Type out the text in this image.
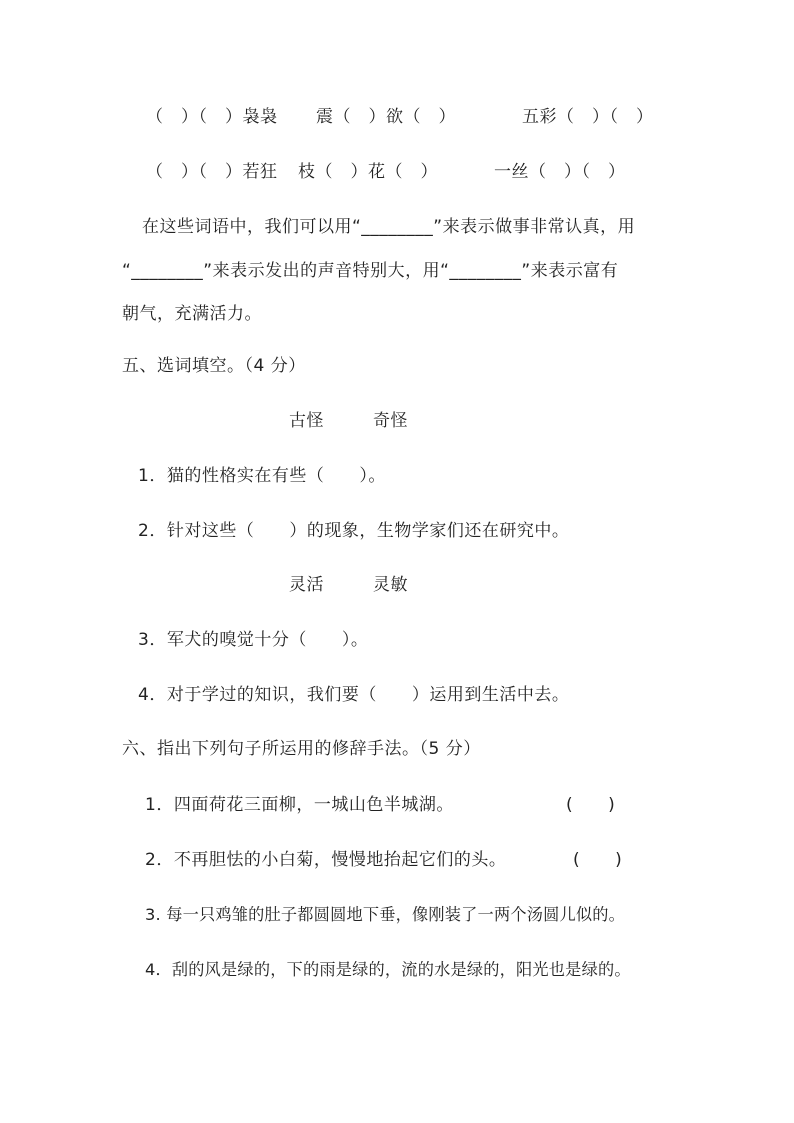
（　）（　）袅袅 震（　）欲（　）	五彩（　）（　）
（　）（　）若狂 枝（　）花（　）	一丝（　）（　）
在这些词语中，我们可以用“________”来表示做事非常认真，用
“________”来表示发出的声音特别大，用“________”来表示富有
朝气，充满活力。
五、选词填空。（4 分）
古怪	奇怪
1．猫的性格实在有些（　　）。
2．针对这些（　　）的现象，生物学家们还在研究中。
灵活	灵敏
3．军犬的嗅觉十分（　　）。
4．对于学过的知识，我们要（　　）运用到生活中去。
六、指出下列句子所运用的修辞手法。（5 分）
1．四面荷花三面柳，一城山色半城湖。	(　　)
2．不再胆怯的小白菊，慢慢地抬起它们的头。	(　　)
3. 每一只鸡雏的肚子都圆圆地下垂，像刚装了一两个汤圆儿似的。
4．刮的风是绿的，下的雨是绿的，流的水是绿的，阳光也是绿的。
